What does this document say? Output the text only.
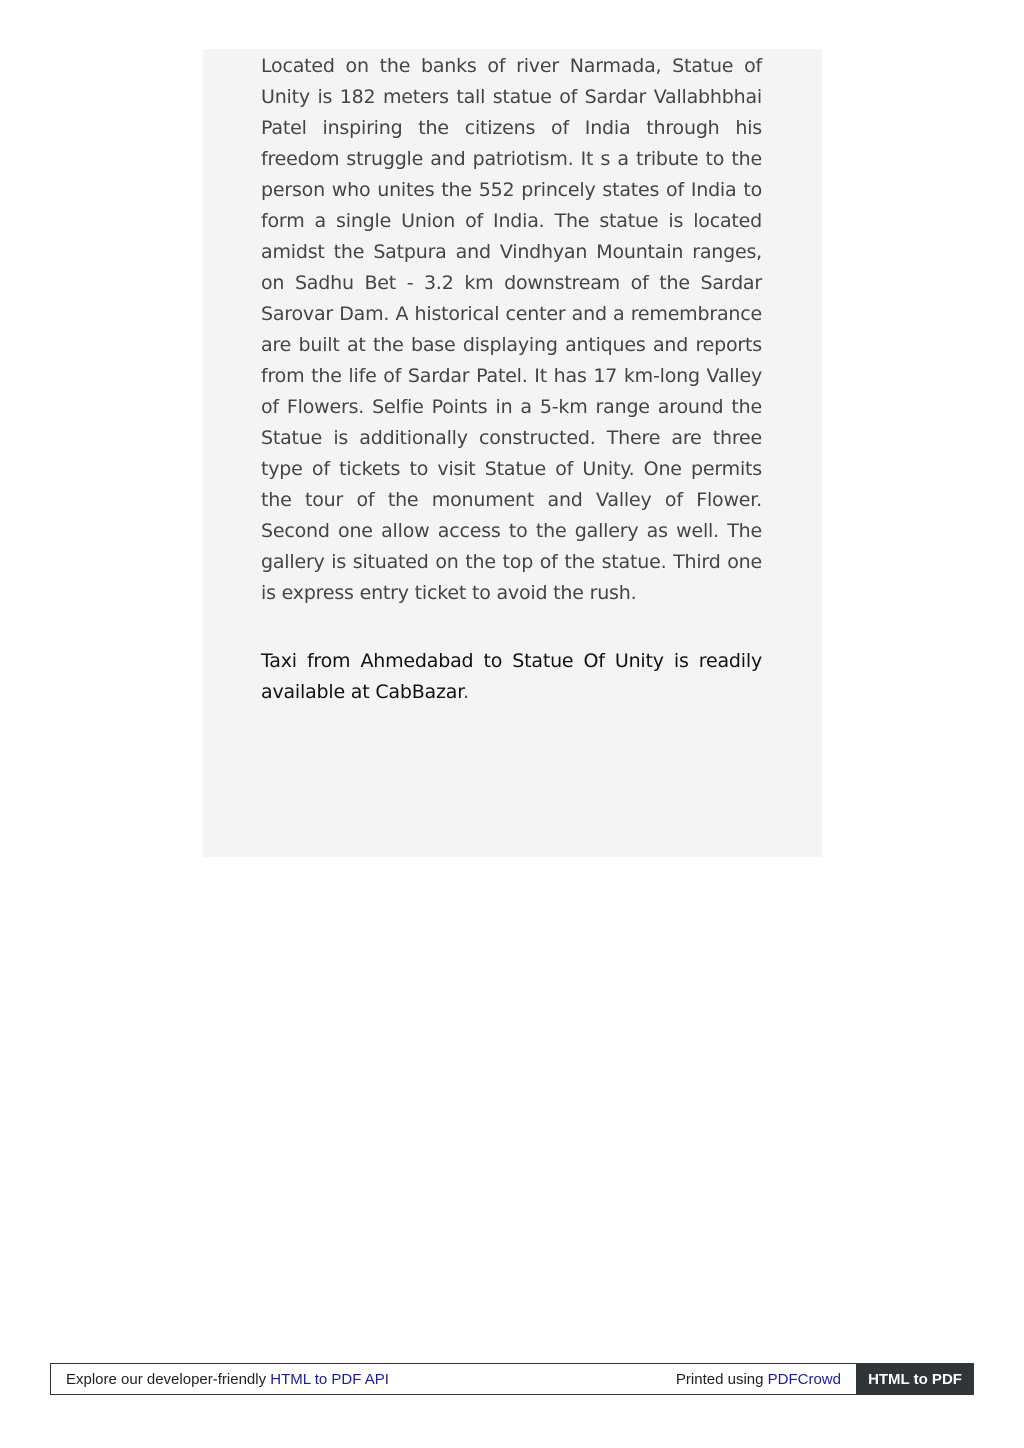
Located on the banks of river Narmada, Statue of Unity is 182 meters tall statue of Sardar Vallabhbhai Patel inspiring the citizens of India through his freedom struggle and patriotism. It s a tribute to the person who unites the 552 princely states of India to form a single Union of India. The statue is located amidst the Satpura and Vindhyan Mountain ranges, on Sadhu Bet - 3.2 km downstream of the Sardar Sarovar Dam. A historical center and a remembrance are built at the base displaying antiques and reports from the life of Sardar Patel. It has 17 km-long Valley of Flowers. Selfie Points in a 5-km range around the Statue is additionally constructed. There are three type of tickets to visit Statue of Unity. One permits the tour of the monument and Valley of Flower. Second one allow access to the gallery as well. The gallery is situated on the top of the statue. Third one is express entry ticket to avoid the rush.

Taxi from Ahmedabad to Statue Of Unity is readily available at CabBazar.

Explore our developer-friendly HTML to PDF API	Printed using PDFCrowd	HTML to PDF
